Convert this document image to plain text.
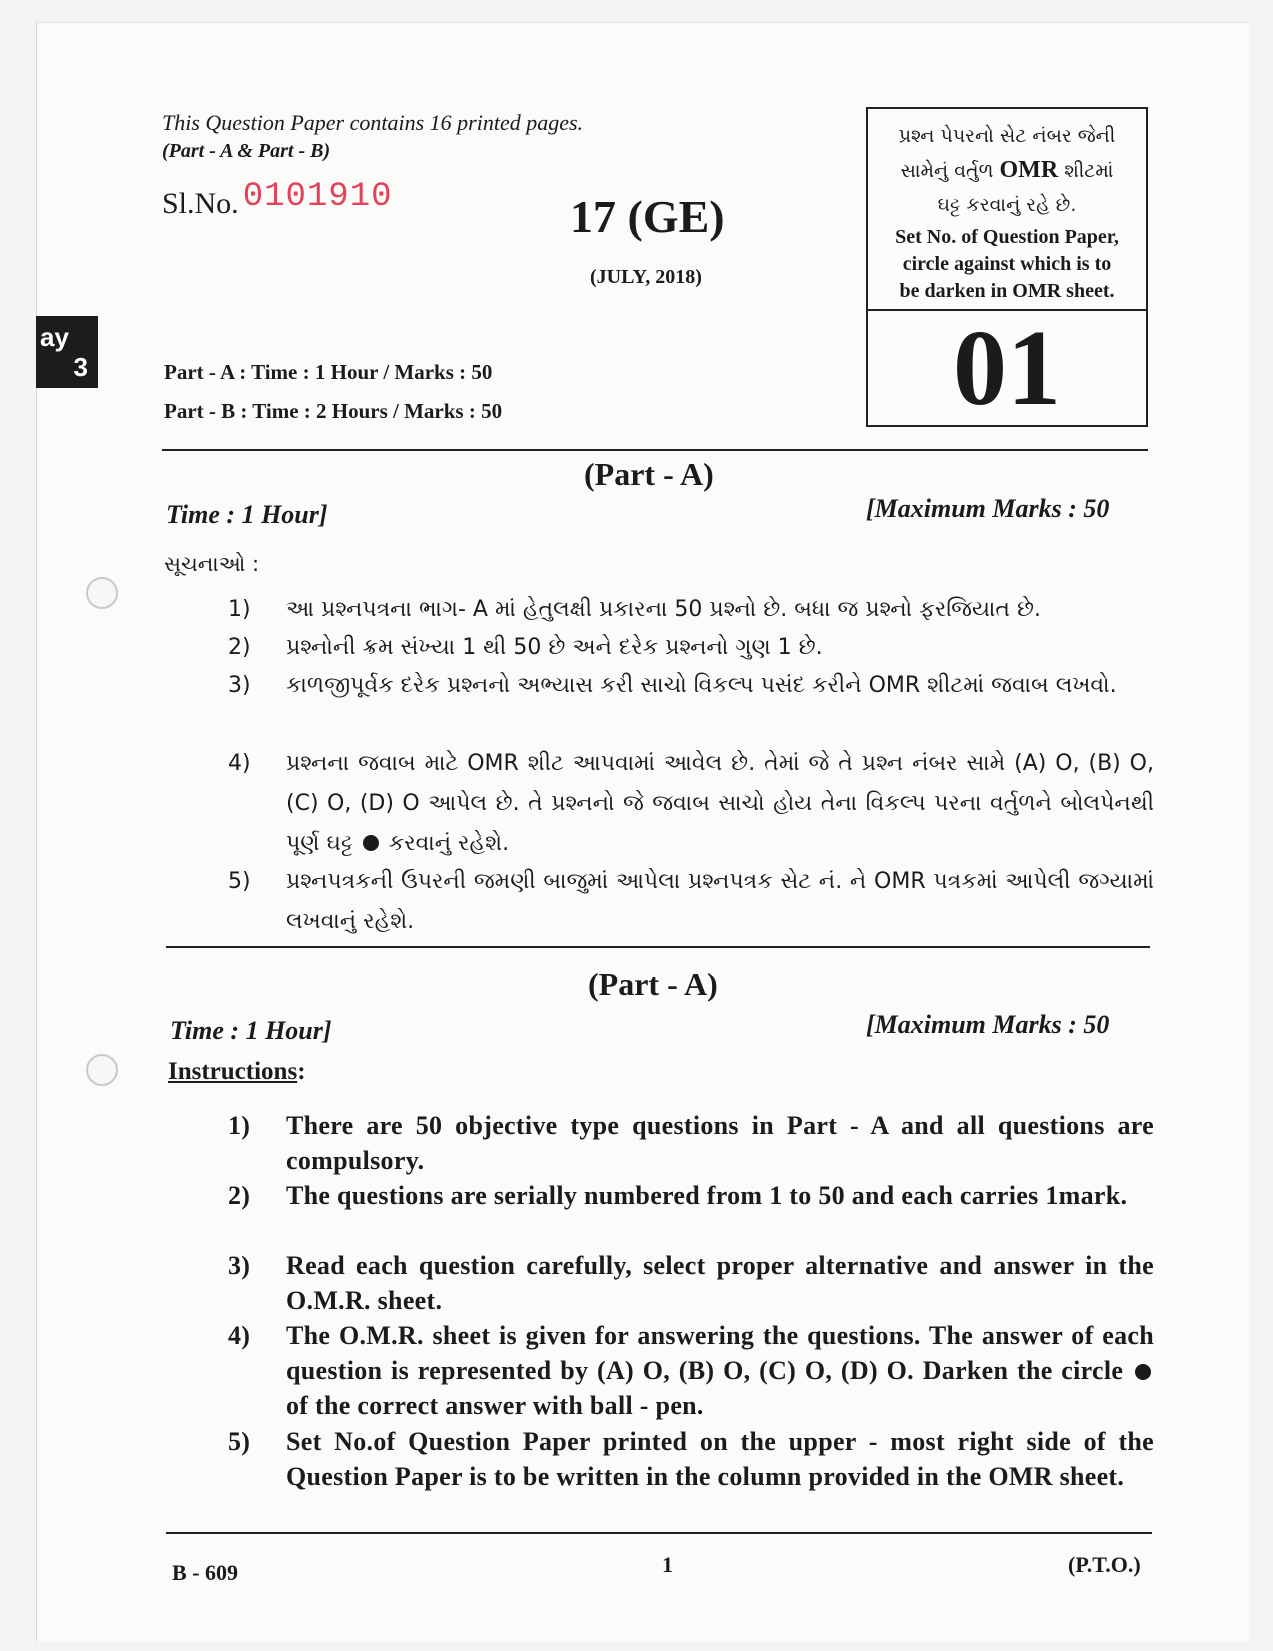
ay
3
This Question Paper contains 16 printed pages.
(Part - A & Part - B)
Sl.No. 0101910	17 (GE)
(JULY, 2018)
Part - A : Time : 1 Hour / Marks : 50
Part - B : Time : 2 Hours / Marks : 50
પ્રશ્ન પેપરનો સેટ નંબર જેની
સામેનું વર્તુળ OMR શીટમાં
ઘટ્ટ કરવાનું રહે છે.
Set No. of Question Paper,
circle against which is to
be darken in OMR sheet.
01
(Part - A)
Time : 1 Hour]	[Maximum Marks : 50
સૂચનાઓ :
1) આ પ્રશ્નપત્રના ભાગ- A માં હેતુલક્ષી પ્રકારના 50 પ્રશ્નો છે. બધા જ પ્રશ્નો ફરજિયાત છે.
2) પ્રશ્નોની ક્રમ સંખ્યા 1 થી 50 છે અને દરેક પ્રશ્નનો ગુણ 1 છે.
3) કાળજીપૂર્વક દરેક પ્રશ્નનો અભ્યાસ કરી સાચો વિકલ્પ પસંદ કરીને OMR શીટમાં જવાબ લખવો.
4) પ્રશ્નના જવાબ માટે OMR શીટ આપવામાં આવેલ છે. તેમાં જે તે પ્રશ્ન નંબર સામે (A) O, (B) O, (C) O, (D) O આપેલ છે. તે પ્રશ્નનો જે જવાબ સાચો હોય તેના વિકલ્પ પરના વર્તુળને બોલપેનથી પૂર્ણ ઘટ્ટ કરવાનું રહેશે.
5) પ્રશ્નપત્રકની ઉપરની જમણી બાજુમાં આપેલા પ્રશ્નપત્રક સેટ નં. ને OMR પત્રકમાં આપેલી જગ્યામાં લખવાનું રહેશે.
(Part - A)
Time : 1 Hour]	[Maximum Marks : 50
Instructions:
1) There are 50 objective type questions in Part - A and all questions are compulsory.
2) The questions are serially numbered from 1 to 50 and each carries 1mark.
3) Read each question carefully, select proper alternative and answer in the O.M.R. sheet.
4) The O.M.R. sheet is given for answering the questions. The answer of each question is represented by (A) O, (B) O, (C) O, (D) O. Darken the circle  of the correct answer with ball - pen.
5) Set No.of Question Paper printed on the upper - most right side of the Question Paper is to be written in the column provided in the OMR sheet.
B - 609	1	(P.T.O.)
